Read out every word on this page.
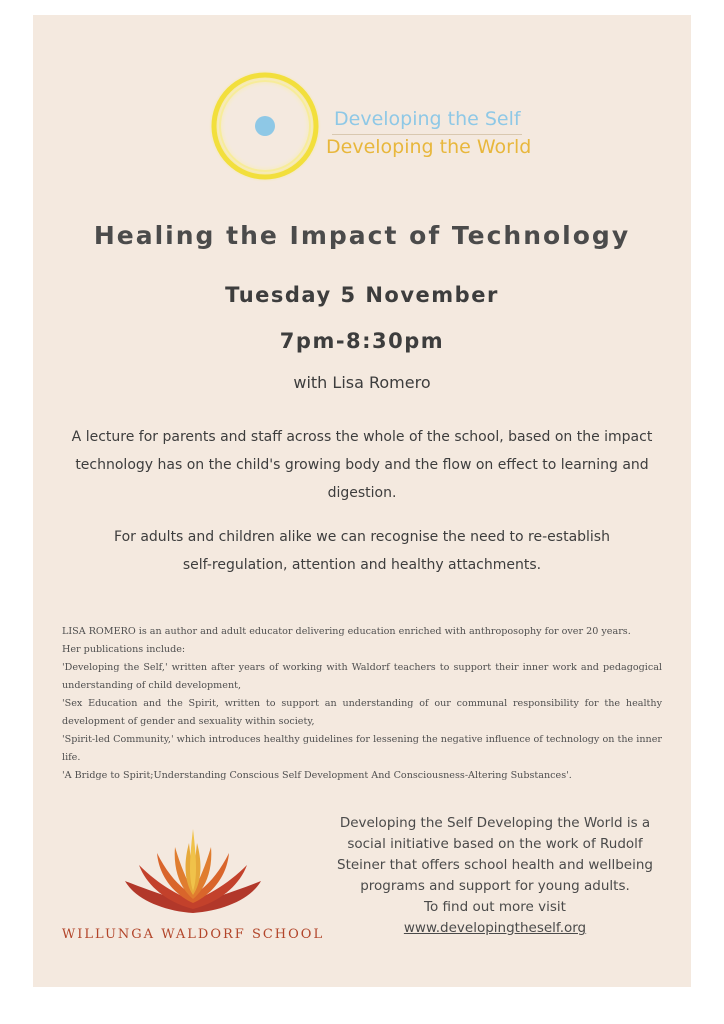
Developing the Self
Developing the World
Healing the Impact of Technology
Tuesday 5 November
7pm-8:30pm
with Lisa Romero
A lecture for parents and staff across the whole of the school, based on the impact technology has on the child's growing body and the flow on effect to learning and digestion.
For adults and children alike we can recognise the need to re-establish
self-regulation, attention and healthy attachments.

LISA ROMERO is an author and adult educator delivering education enriched with anthroposophy for over 20 years.

Her publications include:

'Developing the Self,' written after years of working with Waldorf teachers to support their inner work and pedagogical understanding of child development,

'Sex Education and the Spirit, written to support an understanding of our communal responsibility for the healthy development of gender and sexuality within society,

'Spirit-led Community,' which introduces healthy guidelines for lessening the negative influence of technology on the inner life.

'A Bridge to Spirit;Understanding Conscious Self Development And Consciousness-Altering Substances'.

WILLUNGA WALDORF SCHOOL

Developing the Self Developing the World is a

social initiative based on the work of Rudolf

Steiner that offers school health and wellbeing

programs and support for young adults.

To find out more visit

www.developingtheself.org
